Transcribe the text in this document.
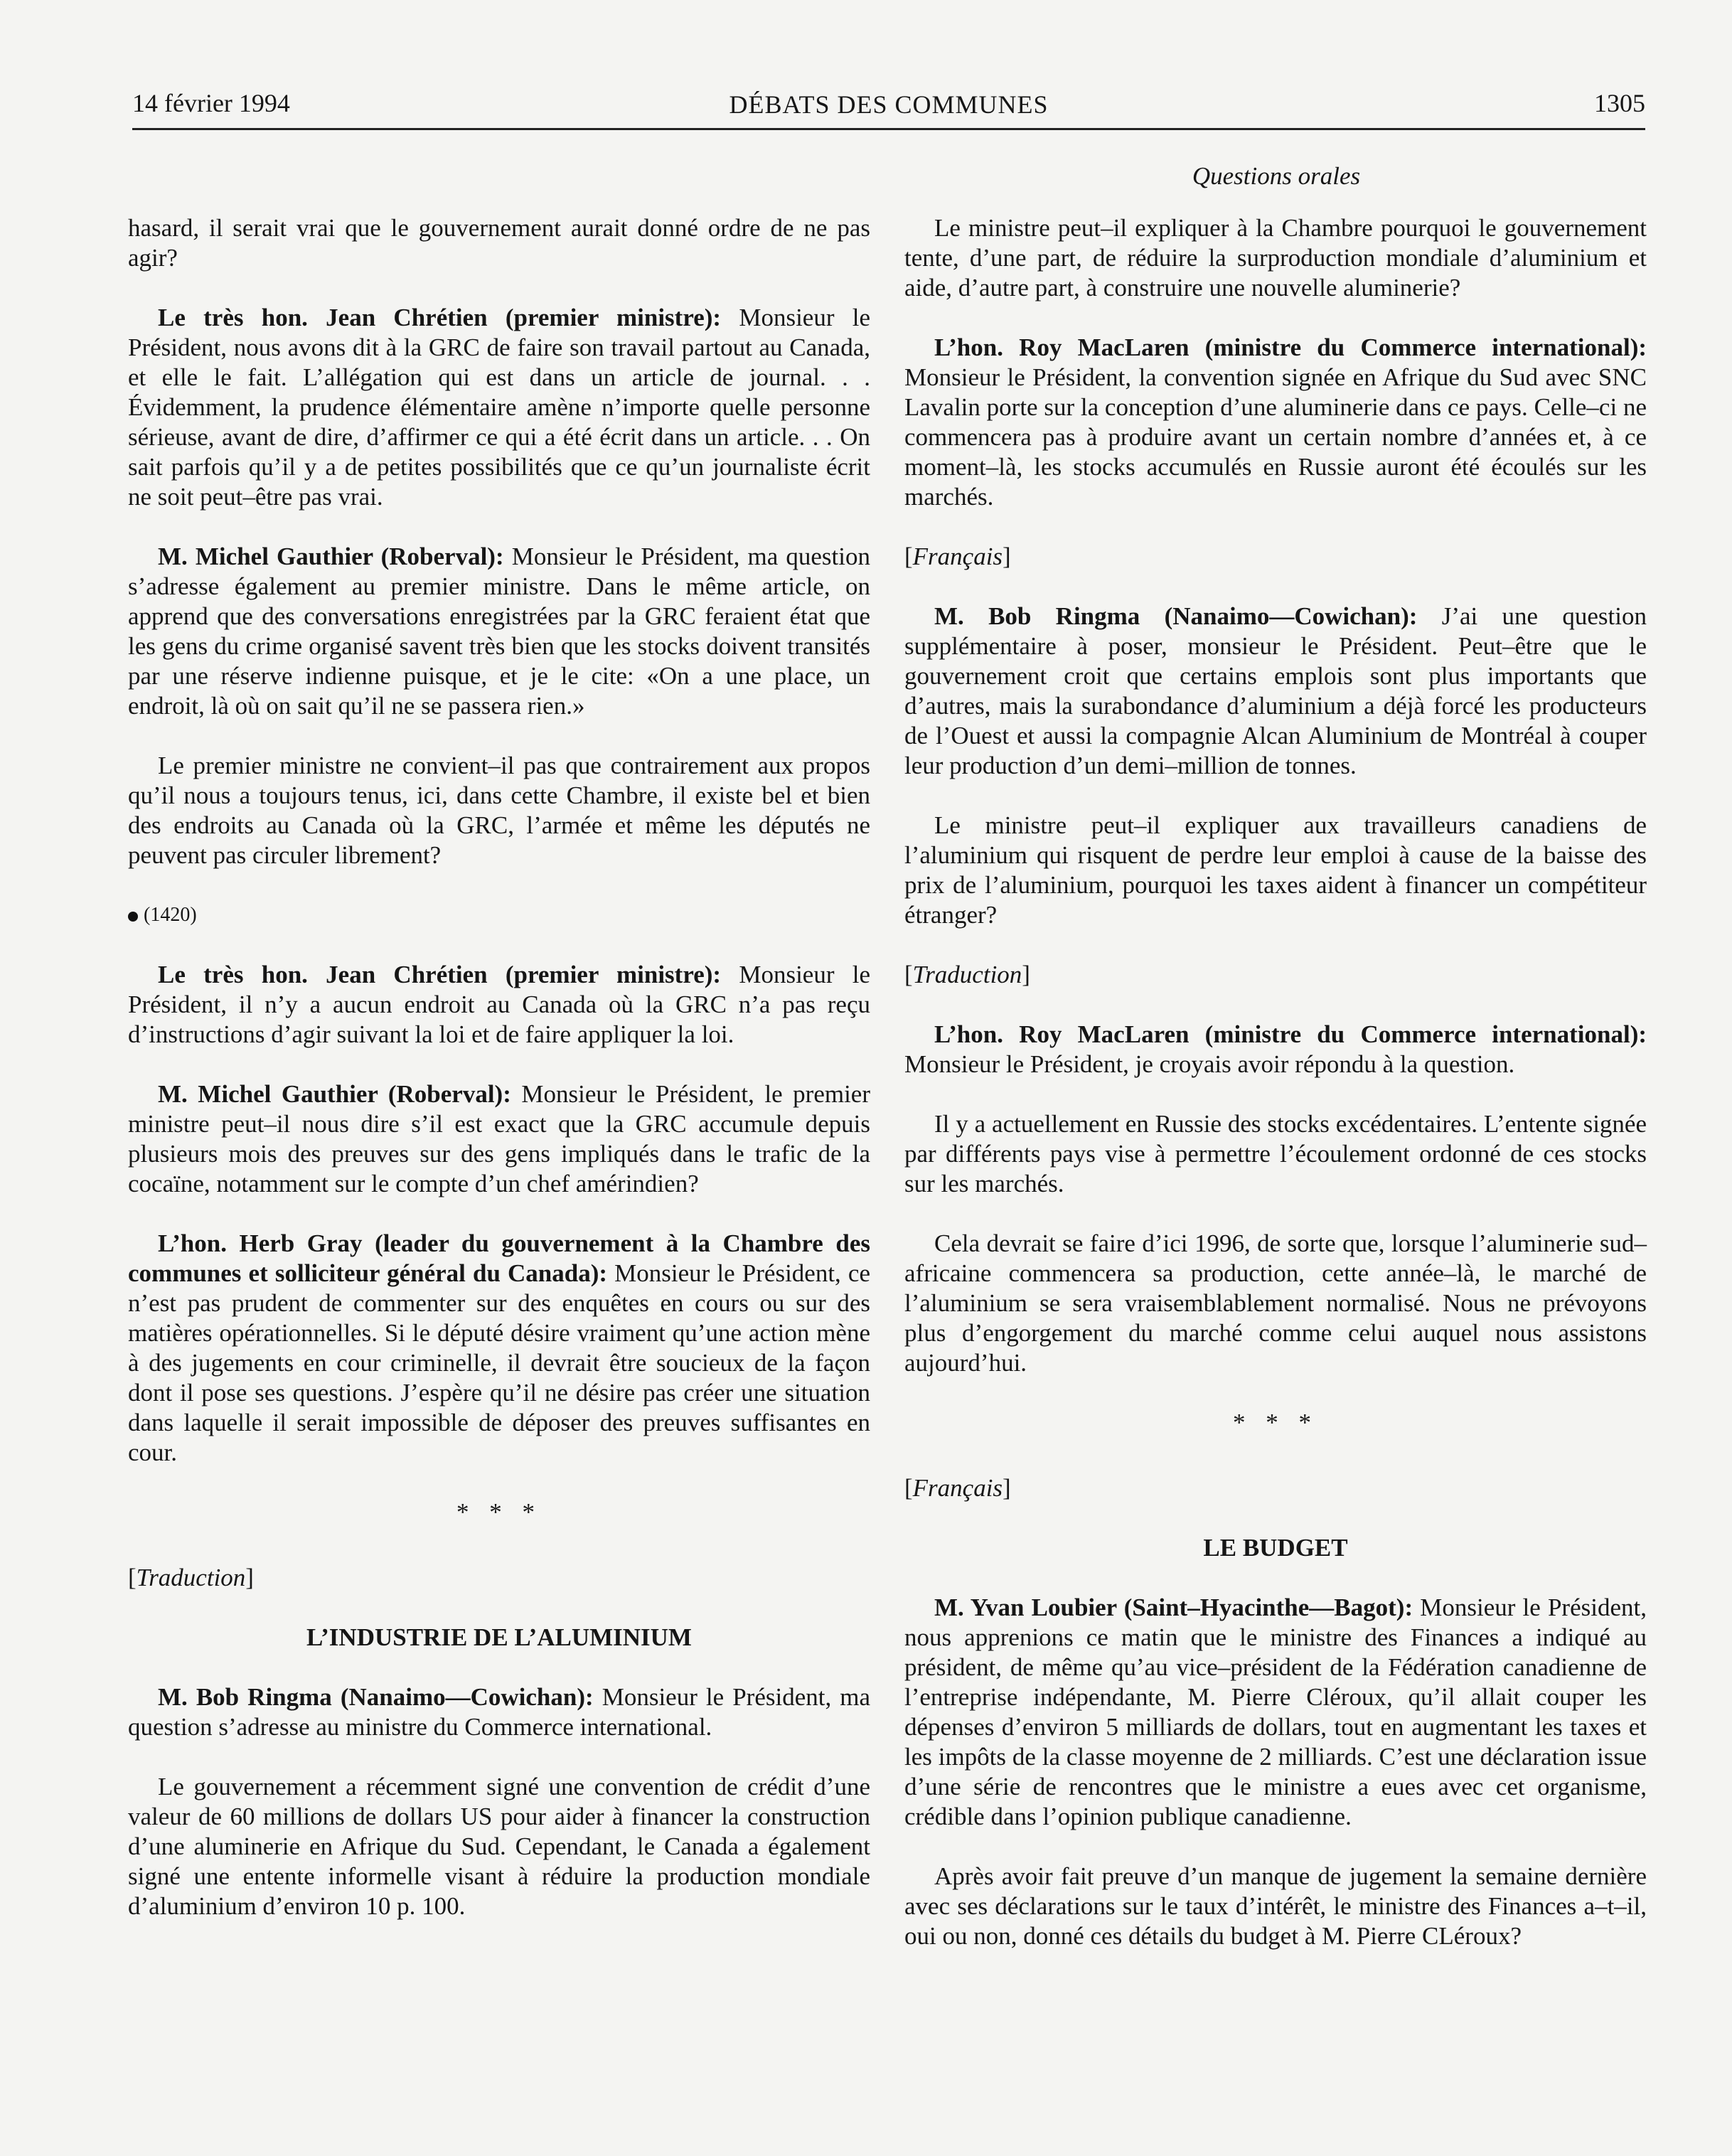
14 février 1994	DÉBATS DES COMMUNES	1305
Questions orales

hasard, il serait vrai que le gouvernement aurait donné ordre de ne pas agir?

Le très hon. Jean Chrétien (premier ministre): Monsieur le Président, nous avons dit à la GRC de faire son travail partout au Canada, et elle le fait. L’allégation qui est dans un article de journal. . . Évidemment, la prudence élémentaire amène n’importe quelle personne sérieuse, avant de dire, d’affirmer ce qui a été écrit dans un article. . . On sait parfois qu’il y a de petites possibilités que ce qu’un journaliste écrit ne soit peut–être pas vrai.

M. Michel Gauthier (Roberval): Monsieur le Président, ma question s’adresse également au premier ministre. Dans le même article, on apprend que des conversations enregistrées par la GRC feraient état que les gens du crime organisé savent très bien que les stocks doivent transités par une réserve indienne puisque, et je le cite: «On a une place, un endroit, là où on sait qu’il ne se passera rien.»

Le premier ministre ne convient–il pas que contrairement aux propos qu’il nous a toujours tenus, ici, dans cette Chambre, il existe bel et bien des endroits au Canada où la GRC, l’armée et même les députés ne peuvent pas circuler librement?

(1420)

Le très hon. Jean Chrétien (premier ministre): Monsieur le Président, il n’y a aucun endroit au Canada où la GRC n’a pas reçu d’instructions d’agir suivant la loi et de faire appliquer la loi.

M. Michel Gauthier (Roberval): Monsieur le Président, le premier ministre peut–il nous dire s’il est exact que la GRC accumule depuis plusieurs mois des preuves sur des gens impliqués dans le trafic de la cocaïne, notamment sur le compte d’un chef amérindien?

L’hon. Herb Gray (leader du gouvernement à la Chambre des communes et solliciteur général du Canada): Monsieur le Président, ce n’est pas prudent de commenter sur des enquêtes en cours ou sur des matières opérationnelles. Si le député désire vraiment qu’une action mène à des jugements en cour criminelle, il devrait être soucieux de la façon dont il pose ses questions. J’espère qu’il ne désire pas créer une situation dans laquelle il serait impossible de déposer des preuves suffisantes en cour.

* * *
[Traduction]
L’INDUSTRIE DE L’ALUMINIUM

M. Bob Ringma (Nanaimo—Cowichan): Monsieur le Président, ma question s’adresse au ministre du Commerce international.

Le gouvernement a récemment signé une convention de crédit d’une valeur de 60 millions de dollars US pour aider à financer la construction d’une aluminerie en Afrique du Sud. Cependant, le Canada a également signé une entente informelle visant à réduire la production mondiale d’aluminium d’environ 10 p. 100.

Le ministre peut–il expliquer à la Chambre pourquoi le gouvernement tente, d’une part, de réduire la surproduction mondiale d’aluminium et aide, d’autre part, à construire une nouvelle aluminerie?

L’hon. Roy MacLaren (ministre du Commerce international): Monsieur le Président, la convention signée en Afrique du Sud avec SNC Lavalin porte sur la conception d’une aluminerie dans ce pays. Celle–ci ne commencera pas à produire avant un certain nombre d’années et, à ce moment–là, les stocks accumulés en Russie auront été écoulés sur les marchés.

[Français]

M. Bob Ringma (Nanaimo—Cowichan): J’ai une question supplémentaire à poser, monsieur le Président. Peut–être que le gouvernement croit que certains emplois sont plus importants que d’autres, mais la surabondance d’aluminium a déjà forcé les producteurs de l’Ouest et aussi la compagnie Alcan Aluminium de Montréal à couper leur production d’un demi–million de tonnes.

Le ministre peut–il expliquer aux travailleurs canadiens de l’aluminium qui risquent de perdre leur emploi à cause de la baisse des prix de l’aluminium, pourquoi les taxes aident à financer un compétiteur étranger?

[Traduction]

L’hon. Roy MacLaren (ministre du Commerce international): Monsieur le Président, je croyais avoir répondu à la question.

Il y a actuellement en Russie des stocks excédentaires. L’entente signée par différents pays vise à permettre l’écoulement ordonné de ces stocks sur les marchés.

Cela devrait se faire d’ici 1996, de sorte que, lorsque l’aluminerie sud–africaine commencera sa production, cette année–là, le marché de l’aluminium se sera vraisemblablement normalisé. Nous ne prévoyons plus d’engorgement du marché comme celui auquel nous assistons aujourd’hui.

* * *
[Français]
LE BUDGET

M. Yvan Loubier (Saint–Hyacinthe—Bagot): Monsieur le Président, nous apprenions ce matin que le ministre des Finances a indiqué au président, de même qu’au vice–président de la Fédération canadienne de l’entreprise indépendante, M. Pierre Cléroux, qu’il allait couper les dépenses d’environ 5 milliards de dollars, tout en augmentant les taxes et les impôts de la classe moyenne de 2 milliards. C’est une déclaration issue d’une série de rencontres que le ministre a eues avec cet organisme, crédible dans l’opinion publique canadienne.

Après avoir fait preuve d’un manque de jugement la semaine dernière avec ses déclarations sur le taux d’intérêt, le ministre des Finances a–t–il, oui ou non, donné ces détails du budget à M. Pierre CLéroux?
